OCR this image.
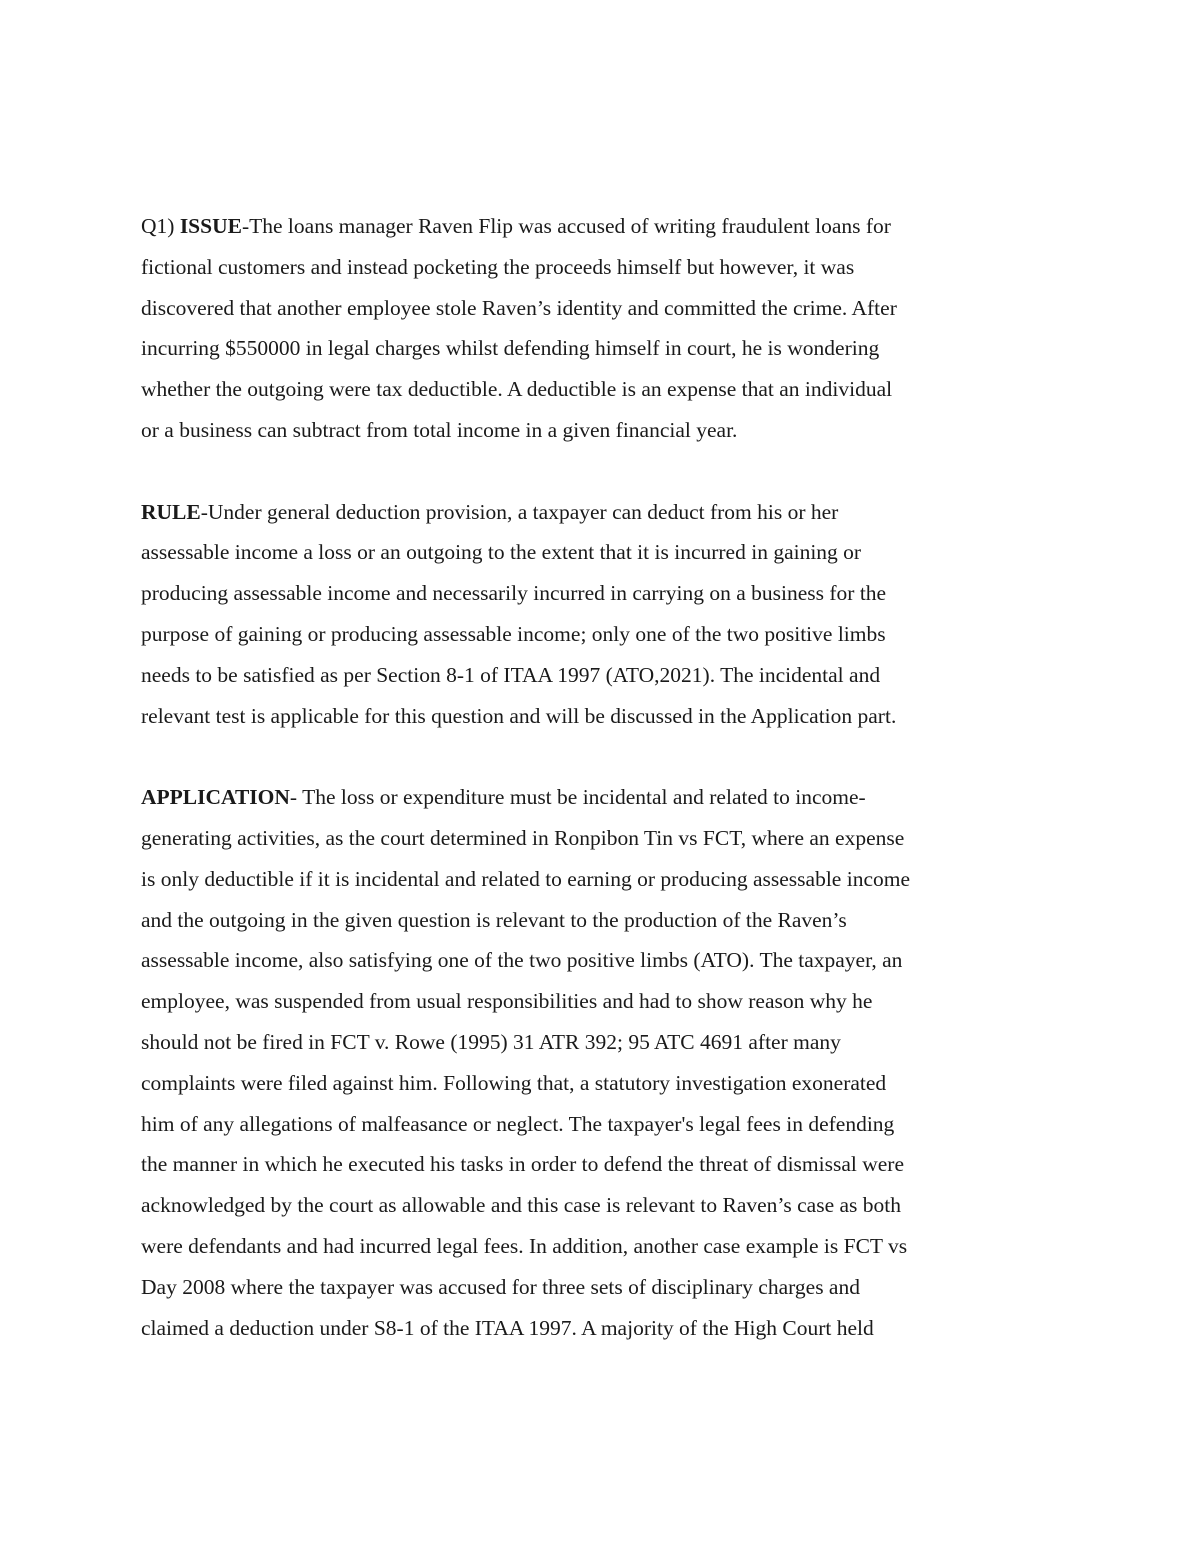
Q1) ISSUE-The loans manager Raven Flip was accused of writing fraudulent loans for
fictional customers and instead pocketing the proceeds himself but however, it was
discovered that another employee stole Raven’s identity and committed the crime. After
incurring $550000 in legal charges whilst defending himself in court, he is wondering
whether the outgoing were tax deductible. A deductible is an expense that an individual
or a business can subtract from total income in a given financial year.

RULE-Under general deduction provision, a taxpayer can deduct from his or her
assessable income a loss or an outgoing to the extent that it is incurred in gaining or
producing assessable income and necessarily incurred in carrying on a business for the
purpose of gaining or producing assessable income; only one of the two positive limbs
needs to be satisfied as per Section 8-1 of ITAA 1997 (ATO,2021). The incidental and
relevant test is applicable for this question and will be discussed in the Application part.

APPLICATION- The loss or expenditure must be incidental and related to income-
generating activities, as the court determined in Ronpibon Tin vs FCT, where an expense
is only deductible if it is incidental and related to earning or producing assessable income
and the outgoing in the given question is relevant to the production of the Raven’s
assessable income, also satisfying one of the two positive limbs (ATO). The taxpayer, an
employee, was suspended from usual responsibilities and had to show reason why he
should not be fired in FCT v. Rowe (1995) 31 ATR 392; 95 ATC 4691 after many
complaints were filed against him. Following that, a statutory investigation exonerated
him of any allegations of malfeasance or neglect. The taxpayer's legal fees in defending
the manner in which he executed his tasks in order to defend the threat of dismissal were
acknowledged by the court as allowable and this case is relevant to Raven’s case as both
were defendants and had incurred legal fees. In addition, another case example is FCT vs
Day 2008 where the taxpayer was accused for three sets of disciplinary charges and
claimed a deduction under S8-1 of the ITAA 1997. A majority of the High Court held
